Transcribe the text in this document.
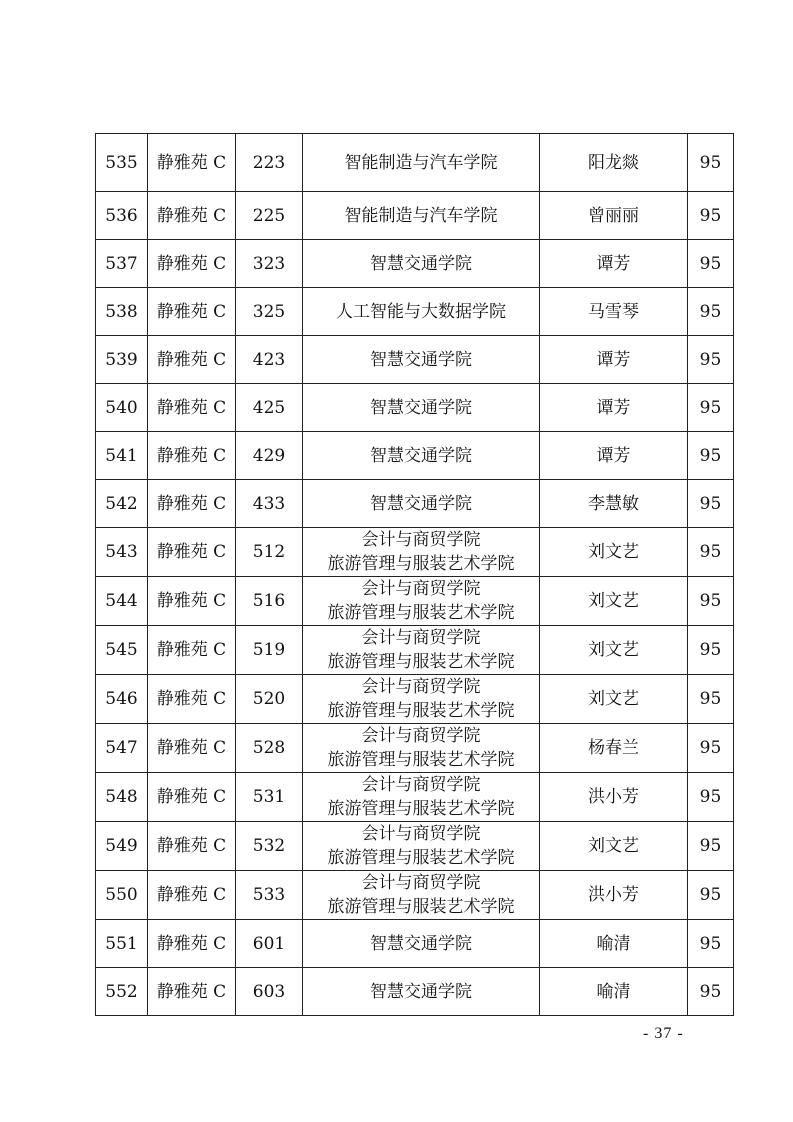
535	静雅苑 C	223	智能制造与汽车学院	阳龙燚	95
536	静雅苑 C	225	智能制造与汽车学院	曾丽丽	95
537	静雅苑 C	323	智慧交通学院	谭芳	95
538	静雅苑 C	325	人工智能与大数据学院	马雪琴	95
539	静雅苑 C	423	智慧交通学院	谭芳	95
540	静雅苑 C	425	智慧交通学院	谭芳	95
541	静雅苑 C	429	智慧交通学院	谭芳	95
542	静雅苑 C	433	智慧交通学院	李慧敏	95
543	静雅苑 C	512	会计与商贸学院
旅游管理与服装艺术学院	刘文艺	95
544	静雅苑 C	516	会计与商贸学院
旅游管理与服装艺术学院	刘文艺	95
545	静雅苑 C	519	会计与商贸学院
旅游管理与服装艺术学院	刘文艺	95
546	静雅苑 C	520	会计与商贸学院
旅游管理与服装艺术学院	刘文艺	95
547	静雅苑 C	528	会计与商贸学院
旅游管理与服装艺术学院	杨春兰	95
548	静雅苑 C	531	会计与商贸学院
旅游管理与服装艺术学院	洪小芳	95
549	静雅苑 C	532	会计与商贸学院
旅游管理与服装艺术学院	刘文艺	95
550	静雅苑 C	533	会计与商贸学院
旅游管理与服装艺术学院	洪小芳	95
551	静雅苑 C	601	智慧交通学院	喻清	95
552	静雅苑 C	603	智慧交通学院	喻清	95
- 37 -
